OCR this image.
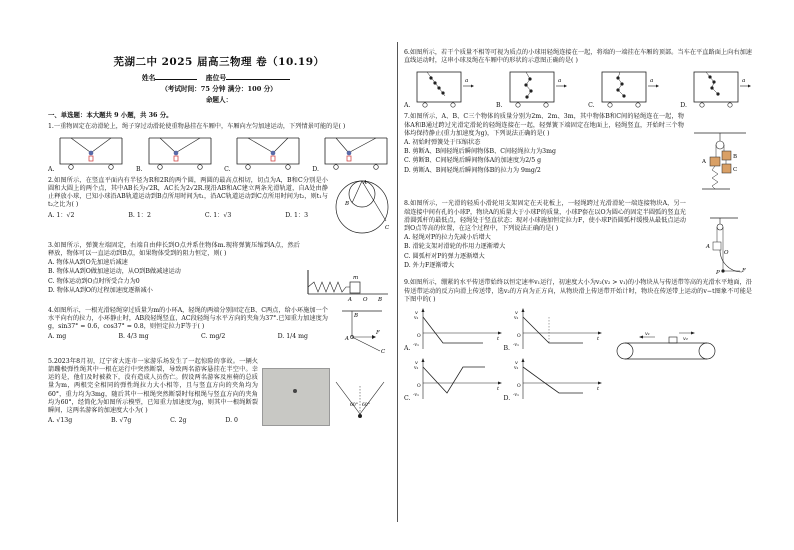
芜湖二中 2025 届高三物理 卷（10.19）
姓名	座位号
（考试时间：75 分钟 满分：100 分）
命题人：
一、单选题：本大题共 9 小题，共 36 分。
1.一重物固定在动滑轮上，绳子穿过动滑轮使重物悬挂在车厢中，车厢向左匀加速运动，下列情景可能的是( )
A.	B.	C.	D.
2.如图所示，在竖直平面内有半径为R和2R的两个圆，两圆的最高点相切，切点为A，B和C分别是小圆和大圆上的两个点，其中AB长为√2R，AC长为2√2R.现沿AB和AC建立两条光滑轨道，自A处由静止释放小球，已知小球沿AB轨道运动到B点所用时间为t₁，沿AC轨道运动到C点所用时间为t₂，则t₁与t₂之比为( )
A. 1：√2	B. 1：2	C. 1：√3	D. 1：3
A
B
C
3.如图所示，弹簧左端固定，右端自由伸长到O点并系住物体m.现将弹簧压缩到A点，然后释放，物体可以一直运动到B点，如果物体受到的阻力恒定，则( )
A. 物体从A到O先加速后减速
B. 物体从A到O做加速运动，从O到B做减速运动
C. 物体运动到O点时所受合力为0
D. 物体从A到O的过程加速度逐渐减小
m
A O B
4.如图所示，一根光滑轻绳穿过质量为m的小环A，轻绳的两端分别固定在B、C两点，给小环施加一个水平向右的拉力，小环静止时，AB段轻绳竖直，AC段轻绳与水平方向的夹角为37°.已知重力加速度为g，sin37° = 0.6，cos37° = 0.8，则恒定拉力F等于( )
A. mg	B. 4/3 mg	C. mg/2	D. 1/4 mg
B
A
C
F
5.2023年8月初，辽宁省大连市一家游乐场发生了一起惊险的事故。一辆火箭蹦极弹性绳其中一根在运行中突然断裂，导致两名游客悬挂在半空中。幸运的是，他们及时被救下，没有造成人员伤亡。假设两名游客及座椅的总质量为m，两根完全相同的弹性绳拉力大小相等，且与竖直方向的夹角均为60°，重力均为3mg，随后其中一根绳突然断裂时每根绳与竖直方向的夹角均为60°，经简化为如图所示模型，已知重力加速度为g，则其中一根绳断裂瞬间，这两名游客的加速度大小为( )
A. √13g	B. √7g	C. 2g	D. 0
60° 60°
6.如图所示，若干个质量不相等可视为质点的小球用轻绳连接在一起，将端的一端挂在车厢的顶部。当车在平直路面上向右加速直线运动时，这串小球及绳在车厢中的形状的示意图正确的是( )
A.
a
B.
a
C.
a
D.
a
7.如图所示，A、B、C三个物体的质量分别为2m、2m、3m，其中物体B和C间的轻绳连在一起，物体A和B通过跨过光滑定滑轮的轻绳连接在一起，轻弹簧下端固定在地面上，轻绳竖直，开始时三个物体均保持静止(重力加速度为g)，下列说法正确的是( )
A. 初始时弹簧处于压缩状态
B. 剪断A、B间轻绳后瞬间物体B、C间轻绳拉力为3mg
C. 剪断B、C间轻绳后瞬间物体A的加速度为2/5 g
D. 剪断A、B间轻绳后瞬间物体B的拉力为 9mg/2
A
B
C
8.如图所示，一光滑的轻质小滑轮用支架固定在天花板上，一轻绳跨过光滑滑轮一端连接物块A，另一端连接中间有孔的小球P，物块A的质量大于小球P的质量，小球P套在以O为圆心的固定半圆弧的竖直光滑圆弧杆的最低点，轻绳处于竖直状态；现对小球施加恒定拉力F，使小球P沿圆弧杆缓慢从最低点运动到O点等高的位置，在这个过程中，下列说法正确的是( )
A. 轻绳对P的拉力先减小后增大
B. 滑轮支架对滑轮的作用力逐渐增大
C. 圆弧杆对P的弹力逐渐增大
D. 外力F逐渐增大
A
O
P	F
9.如图所示，绷紧的水平传送带始终以恒定速率v₁运行，初速度大小为v₂(v₂ > v₁)的小物块从与传送带等高的光滑水平地面，沿传送带运动的反方向滑上传送带，选v₂的方向为正方向，从物块滑上传送带开始计时，物块在传送带上运动的v−t图象不可能是下图中的( )
A.
v
v₂
O
-v₁
t
B.
v
v₂
O
-v₁
t
C.
v
v₂
O
-v₁
t
D.
v
v₂
O
-v₁
t
v₁
v₂
